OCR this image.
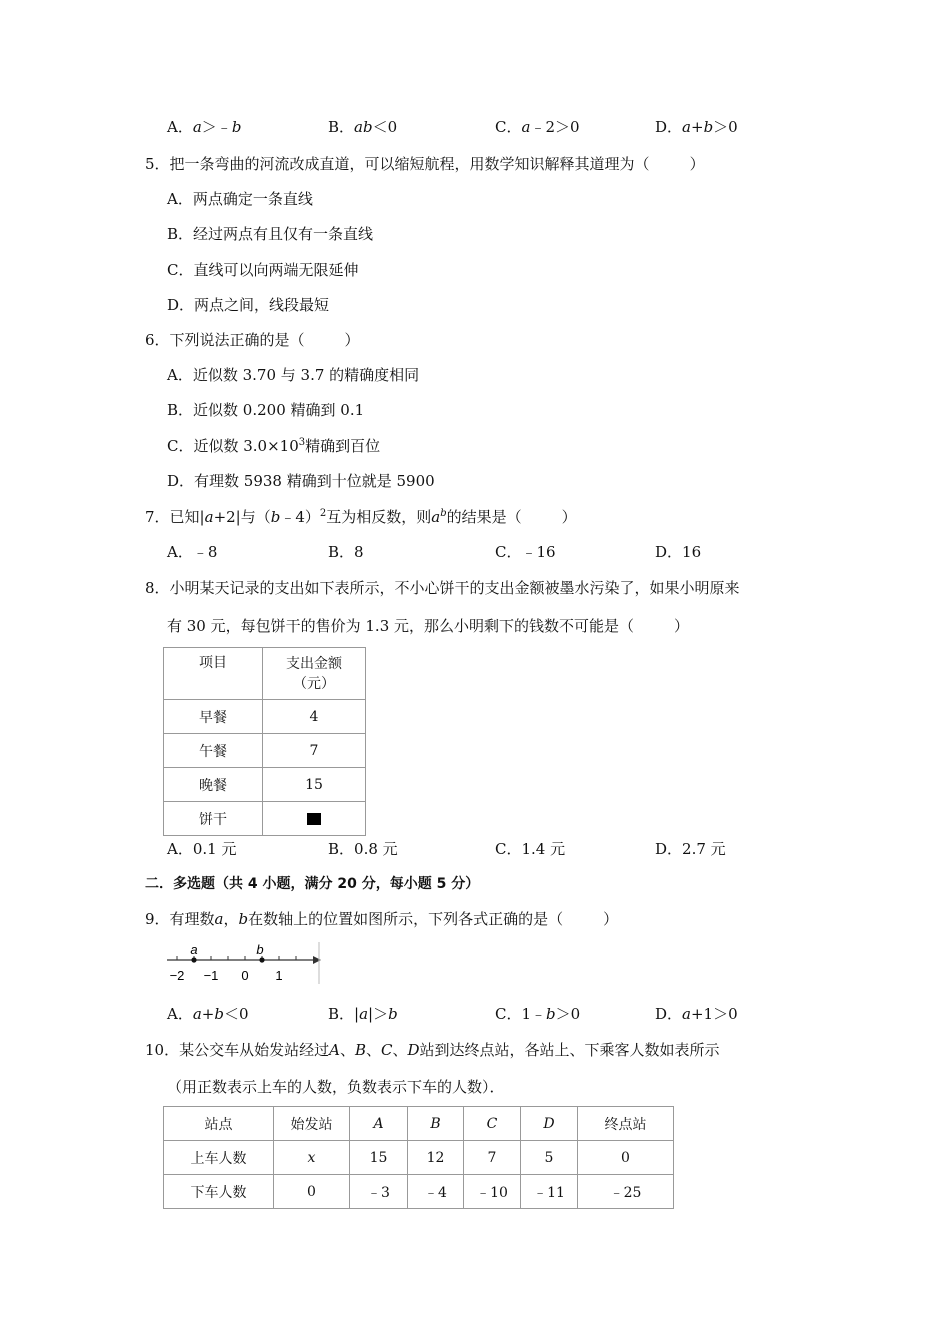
A．a＞﹣b	B．ab＜0	C．a﹣2＞0	D．a+b＞0
5．把一条弯曲的河流改成直道，可以缩短航程，用数学知识解释其道理为（	）
A．两点确定一条直线
B．经过两点有且仅有一条直线
C．直线可以向两端无限延伸
D．两点之间，线段最短
6．下列说法正确的是（	）
A．近似数 3.70 与 3.7 的精确度相同
B．近似数 0.200 精确到 0.1
C．近似数 $3.0\times 10^3$精确到百位
D．有理数 5938 精确到十位就是 5900
7．已知|a+2|与（b﹣4）$^2$互为相反数，则$a^b$的结果是（	）
A．﹣8	B．8	C．﹣16	D．16
8．小明某天记录的支出如下表所示，不小心饼干的支出金额被墨水污染了，如果小明原来
有 30 元，每包饼干的售价为 1.3 元，那么小明剩下的钱数不可能是（	）
项目	支出金额
（元）

早餐	4
午餐	7
晚餐	15
饼干	
A．0.1 元	B．0.8 元	C．1.4 元	D．2.7 元
二．多选题（共 4 小题，满分 20 分，每小题 5 分）
9．有理数a，b在数轴上的位置如图所示，下列各式正确的是（	）
−2 −1 0 1
a	b
A．a+b＜0	B．|a|＞b	C．1﹣b＞0	D．a+1＞0
10．某公交车从始发站经过A、B、C、D站到达终点站，各站上、下乘客人数如表所示
（用正数表示上车的人数，负数表示下车的人数）．
站点	始发站	A	B	C	D	终点站
上车人数	x	15	12	7	5	0
下车人数	0	﹣3	﹣4	﹣10	﹣11	﹣25
